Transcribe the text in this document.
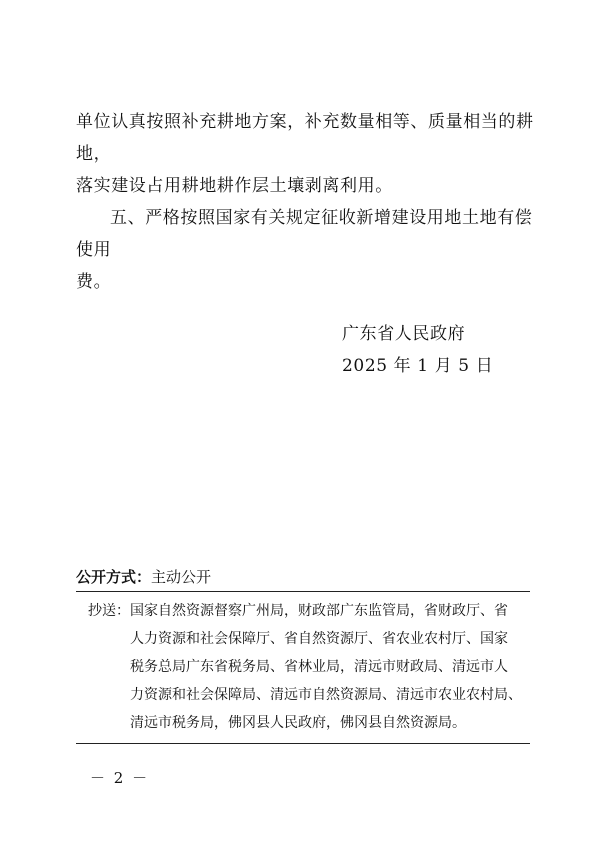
单位认真按照补充耕地方案，补充数量相等、质量相当的耕地，

落实建设占用耕地耕作层土壤剥离利用。

五、严格按照国家有关规定征收新增建设用地土地有偿使用

费。

广东省人民政府
2025 年 1 月 5 日
公开方式：主动公开

抄送：国家自然资源督察广州局，财政部广东监管局，省财政厅、省

人力资源和社会保障厅、省自然资源厅、省农业农村厅、国家

税务总局广东省税务局、省林业局，清远市财政局、清远市人

力资源和社会保障局、清远市自然资源局、清远市农业农村局、

清远市税务局，佛冈县人民政府，佛冈县自然资源局。

－ 2 －
